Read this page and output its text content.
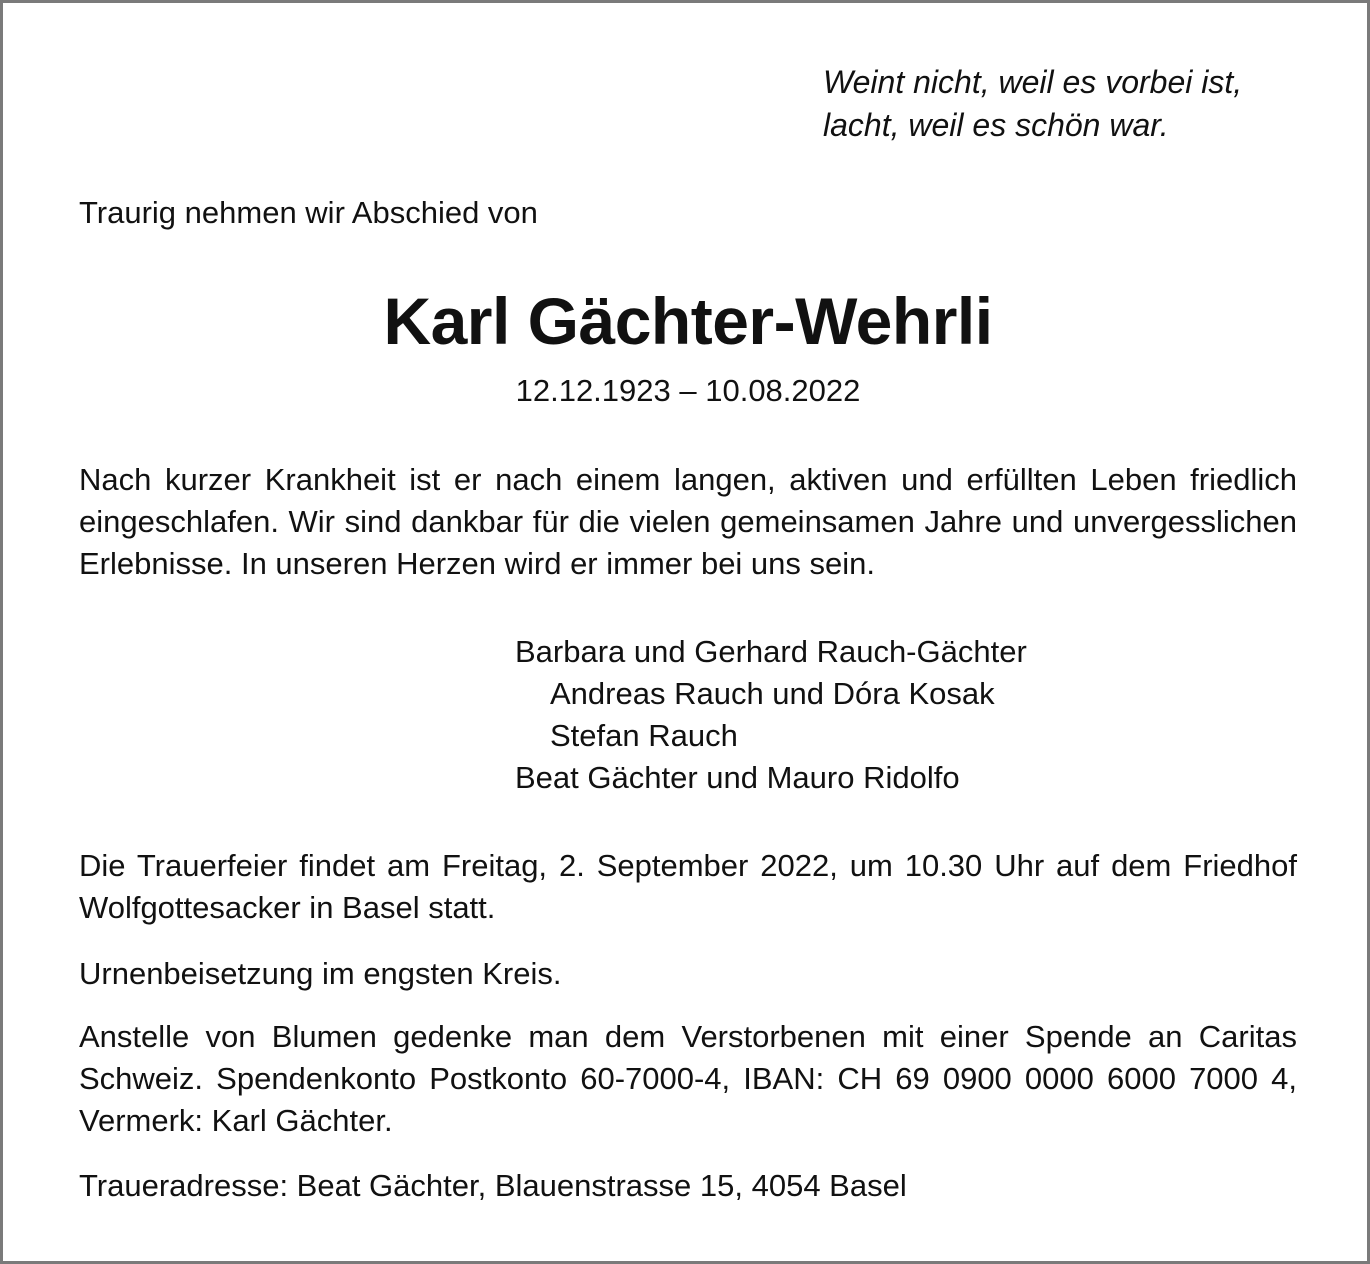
Weint nicht, weil es vorbei ist,
lacht, weil es schön war.
Traurig nehmen wir Abschied von
Karl Gächter-Wehrli
12.12.1923 – 10.08.2022
Nach kurzer Krankheit ist er nach einem langen, aktiven und erfüllten Leben friedlich eingeschlafen. Wir sind dankbar für die vielen gemeinsamen Jahre und unvergesslichen Erlebnisse. In unseren Herzen wird er immer bei uns sein.
Barbara und Gerhard Rauch-Gächter
Andreas Rauch und Dóra Kosak
Stefan Rauch
Beat Gächter und Mauro Ridolfo
Die Trauerfeier findet am Freitag, 2. September 2022, um 10.30 Uhr auf dem Friedhof Wolfgottesacker in Basel statt.
Urnenbeisetzung im engsten Kreis.
Anstelle von Blumen gedenke man dem Verstorbenen mit einer Spende an Caritas Schweiz. Spendenkonto Postkonto 60-7000-4, IBAN: CH 69 0900 0000 6000 7000 4, Vermerk: Karl Gächter.
Traueradresse: Beat Gächter, Blauenstrasse 15, 4054 Basel
